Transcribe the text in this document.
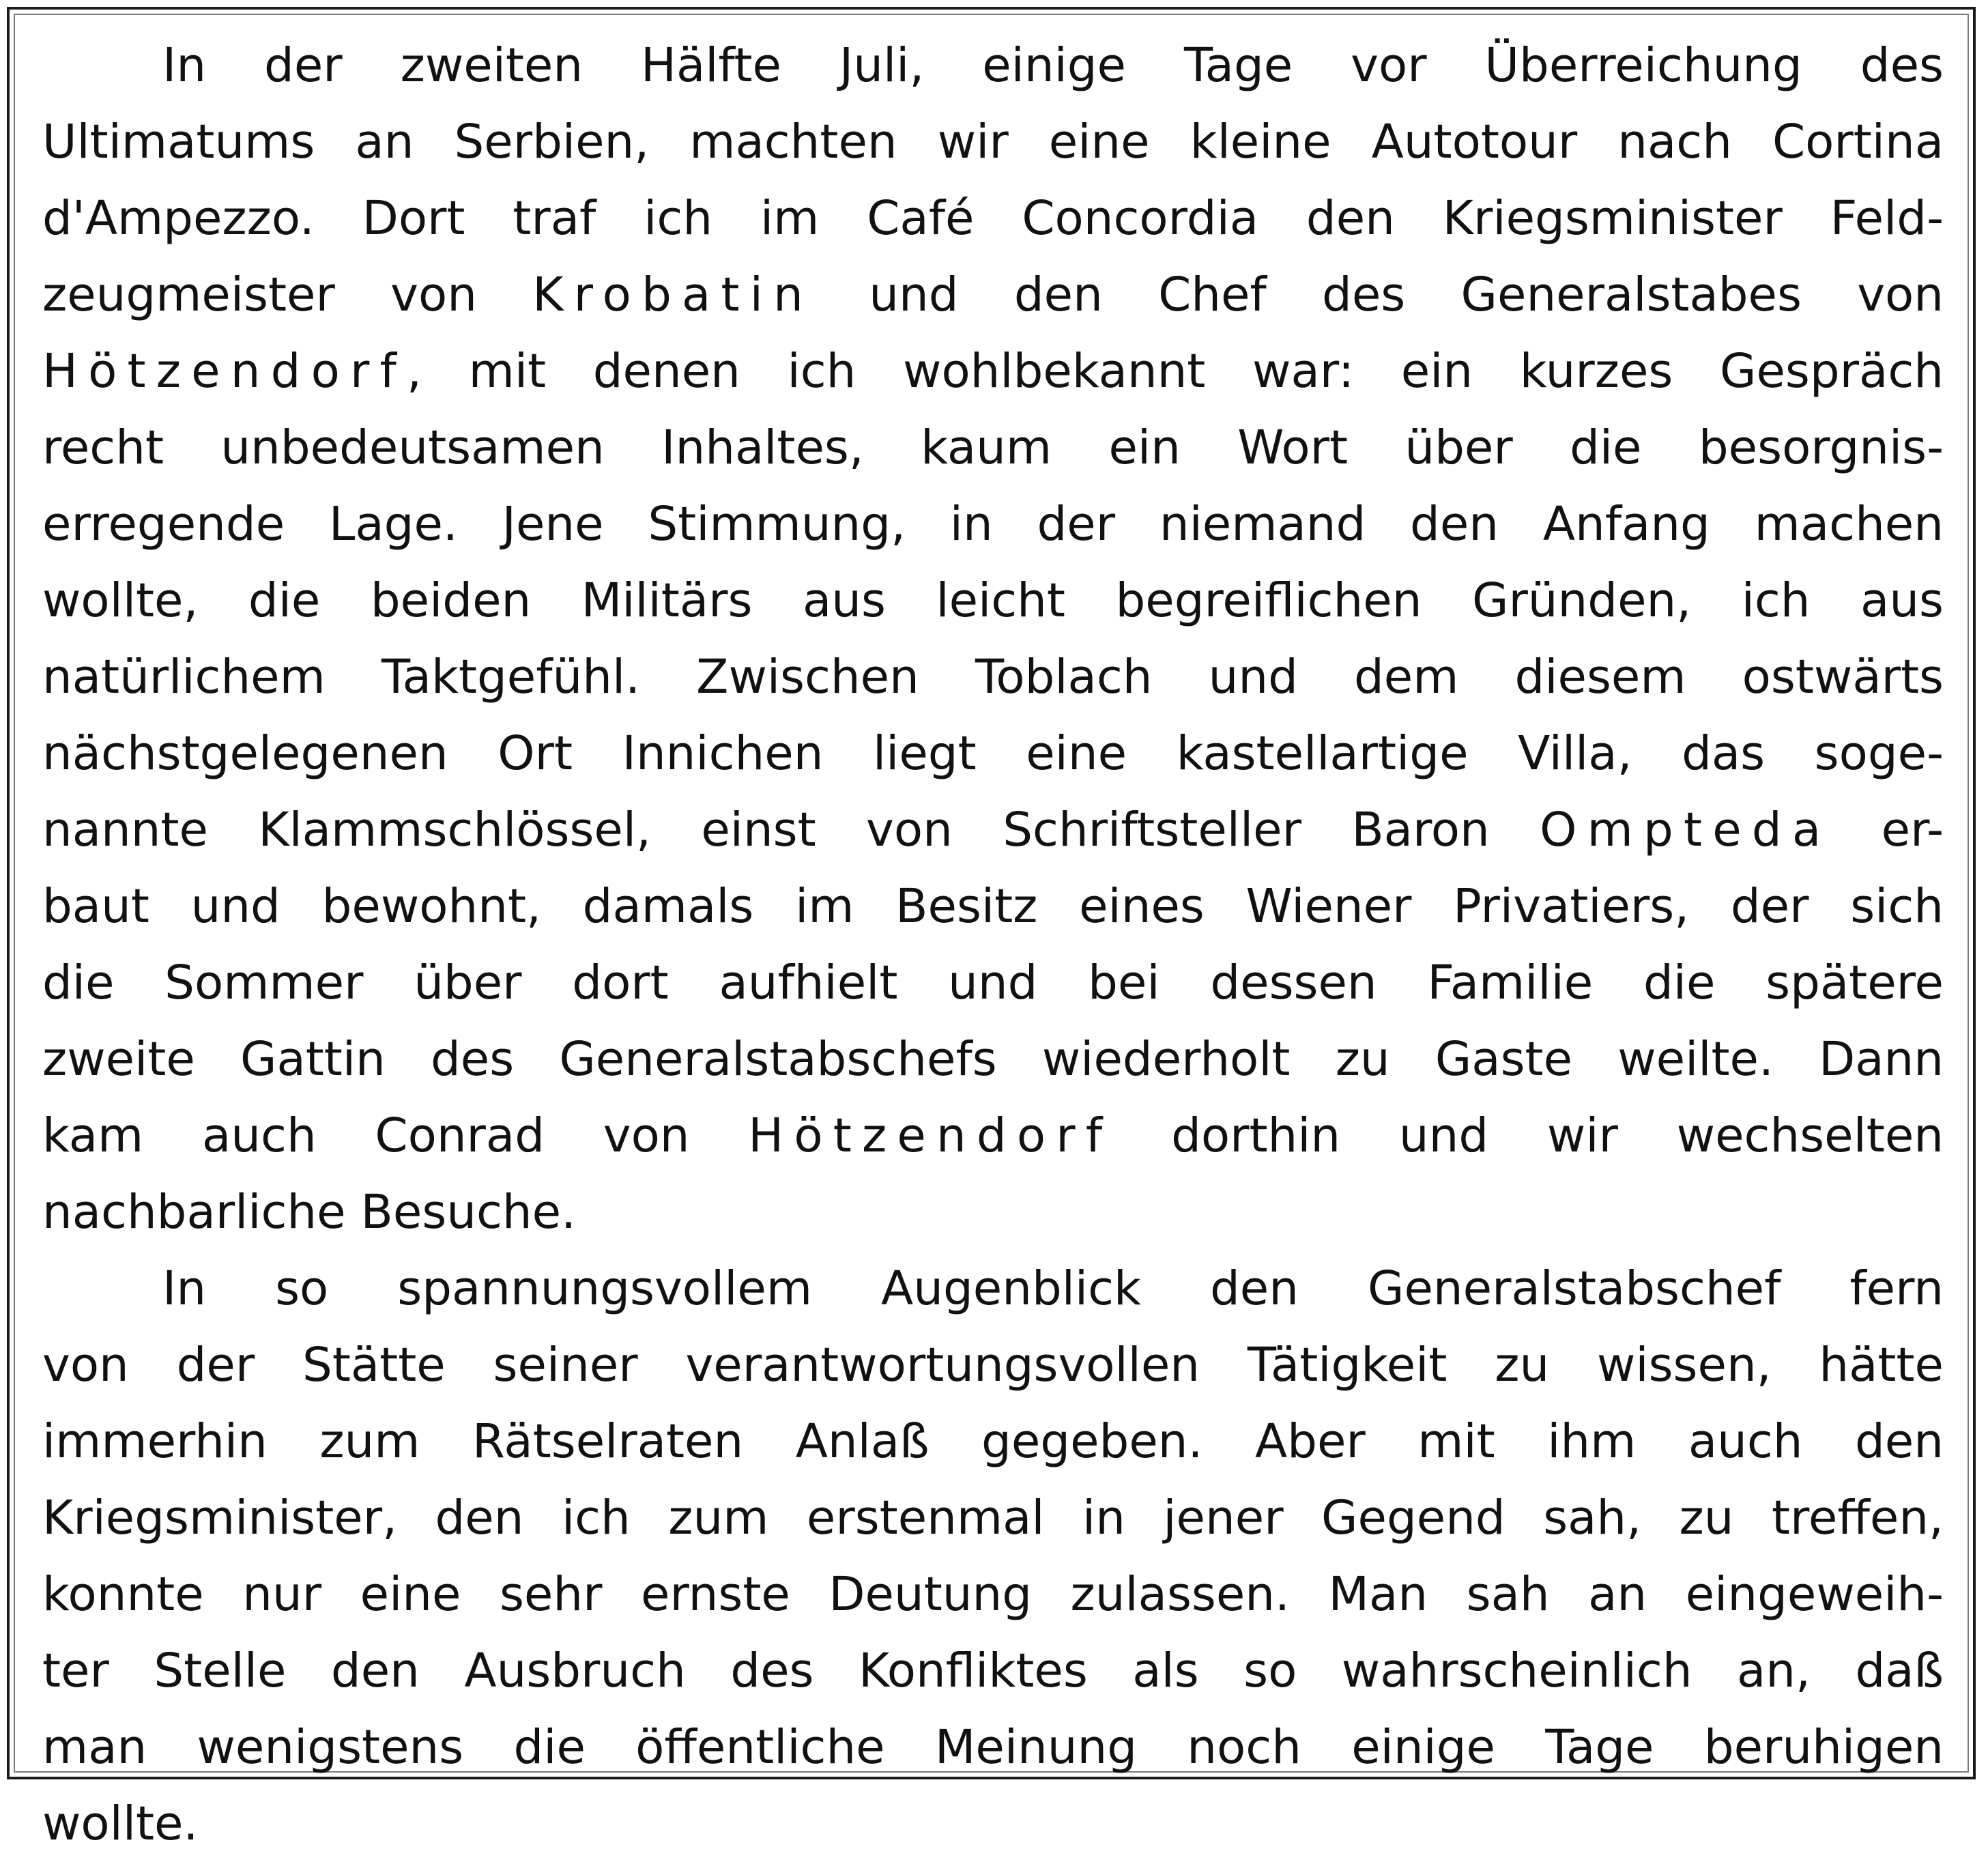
In der zweiten Hälfte Juli, einige Tage vor Überreichung des
Ultimatums an Serbien, machten wir eine kleine Autotour nach Cortina
d'Ampezzo. Dort traf ich im Café Concordia den Kriegsminister Feld-
zeugmeister von Krobatin und den Chef des Generalstabes von
Hötzendorf, mit denen ich wohlbekannt war: ein kurzes Gespräch
recht unbedeutsamen Inhaltes, kaum ein Wort über die besorgnis-
erregende Lage. Jene Stimmung, in der niemand den Anfang machen
wollte, die beiden Militärs aus leicht begreiflichen Gründen, ich aus
natürlichem Taktgefühl. Zwischen Toblach und dem diesem ostwärts
nächstgelegenen Ort Innichen liegt eine kastellartige Villa, das soge-
nannte Klammschlössel, einst von Schriftsteller Baron Ompteda er-
baut und bewohnt, damals im Besitz eines Wiener Privatiers, der sich
die Sommer über dort aufhielt und bei dessen Familie die spätere
zweite Gattin des Generalstabschefs wiederholt zu Gaste weilte. Dann
kam auch Conrad von Hötzendorf dorthin und wir wechselten
nachbarliche Besuche.
In so spannungsvollem Augenblick den Generalstabschef fern
von der Stätte seiner verantwortungsvollen Tätigkeit zu wissen, hätte
immerhin zum Rätselraten Anlaß gegeben. Aber mit ihm auch den
Kriegsminister, den ich zum erstenmal in jener Gegend sah, zu treffen,
konnte nur eine sehr ernste Deutung zulassen. Man sah an eingeweih-
ter Stelle den Ausbruch des Konfliktes als so wahrscheinlich an, daß
man wenigstens die öffentliche Meinung noch einige Tage beruhigen
wollte.
